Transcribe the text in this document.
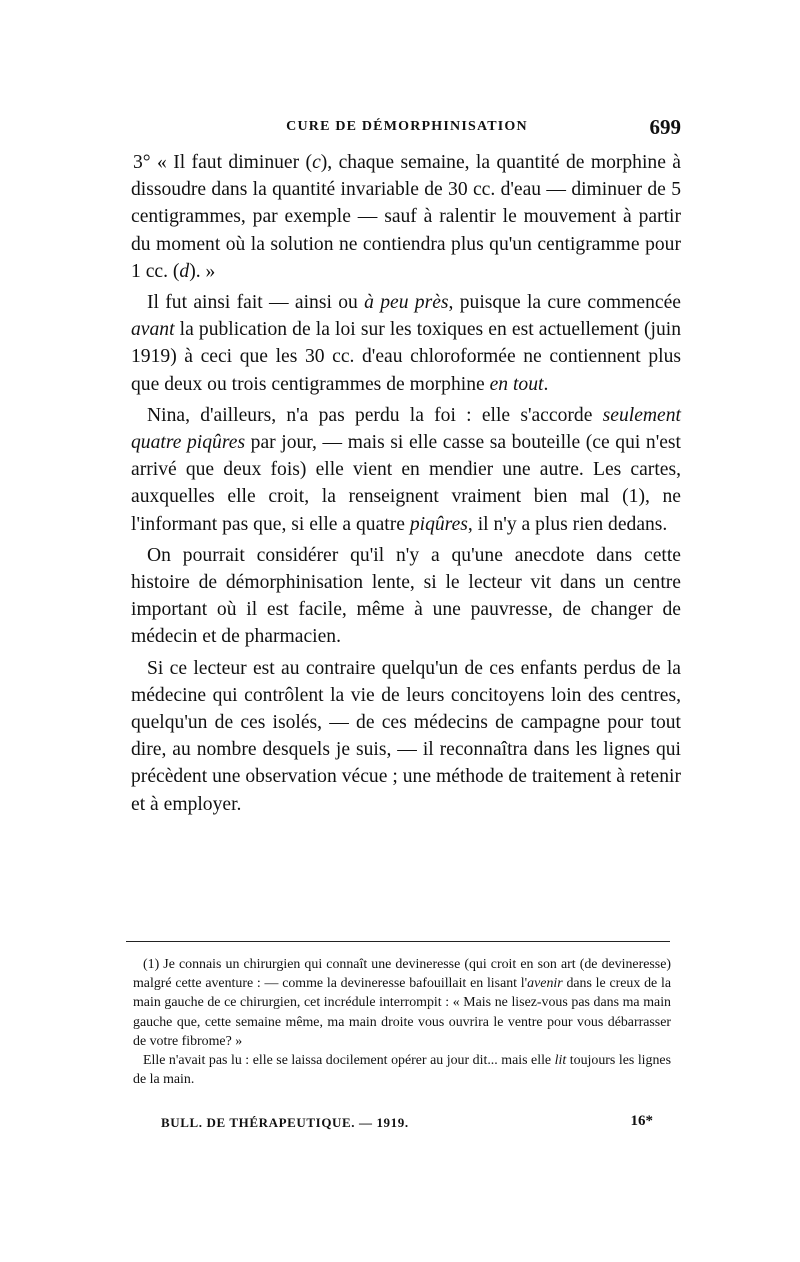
CURE DE DÉMORPHINISATION	699

3° « Il faut diminuer (c), chaque semaine, la quantité de morphine à dissoudre dans la quantité invariable de 30 cc. d'eau — diminuer de 5 centigrammes, par exemple — sauf à ralentir le mouvement à partir du moment où la solution ne contiendra plus qu'un centigramme pour 1 cc. (d). »

Il fut ainsi fait — ainsi ou à peu près, puisque la cure commencée avant la publication de la loi sur les toxiques en est actuellement (juin 1919) à ceci que les 30 cc. d'eau chloroformée ne contiennent plus que deux ou trois centigrammes de morphine en tout.

Nina, d'ailleurs, n'a pas perdu la foi : elle s'accorde seulement quatre piqûres par jour, — mais si elle casse sa bouteille (ce qui n'est arrivé que deux fois) elle vient en mendier une autre. Les cartes, auxquelles elle croit, la renseignent vraiment bien mal (1), ne l'informant pas que, si elle a quatre piqûres, il n'y a plus rien dedans.

On pourrait considérer qu'il n'y a qu'une anecdote dans cette histoire de démorphinisation lente, si le lecteur vit dans un centre important où il est facile, même à une pauvresse, de changer de médecin et de pharmacien.

Si ce lecteur est au contraire quelqu'un de ces enfants perdus de la médecine qui contrôlent la vie de leurs concitoyens loin des centres, quelqu'un de ces isolés, — de ces médecins de campagne pour tout dire, au nombre desquels je suis, — il reconnaîtra dans les lignes qui précèdent une observation vécue ; une méthode de traitement à retenir et à employer.

(1) Je connais un chirurgien qui connaît une devineresse (qui croit en son art (de devineresse) malgré cette aventure : — comme la devineresse bafouillait en lisant l'avenir dans le creux de la main gauche de ce chirurgien, cet incrédule interrompit : « Mais ne lisez-vous pas dans ma main gauche que, cette semaine même, ma main droite vous ouvrira le ventre pour vous débarrasser de votre fibrome? »

Elle n'avait pas lu : elle se laissa docilement opérer au jour dit... mais elle lit toujours les lignes de la main.

BULL. DE THÉRAPEUTIQUE. — 1919.	16*
